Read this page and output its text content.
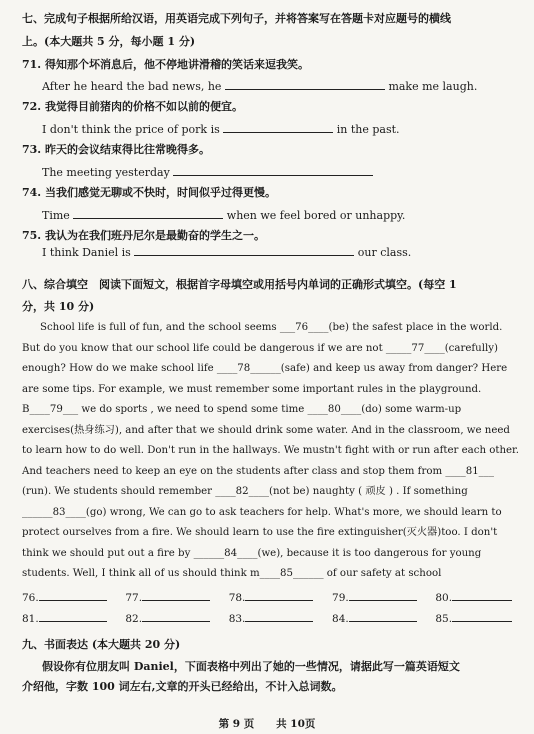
七、完成句子根据所给汉语，用英语完成下列句子，并将答案写在答题卡对应题号的横线
上。(本大题共 5 分，每小题 1 分)
71. 得知那个坏消息后，他不停地讲滑稽的笑话来逗我笑。
After he heard the bad news, he	make me laugh.
72. 我觉得目前猪肉的价格不如以前的便宜。
I don't think the price of pork is	in the past.
73. 昨天的会议结束得比往常晚得多。
The meeting yesterday
74. 当我们感觉无聊或不快时，时间似乎过得更慢。
Time	when we feel bored or unhappy.
75. 我认为在我们班丹尼尔是最勤奋的学生之一。
I think Daniel is	our class.
八、综合填空　阅读下面短文，根据首字母填空或用括号内单词的正确形式填空。(每空 1
分，共 10 分)
School life is full of fun, and the school seems ___76____(be) the safest place in the world.
But do you know that our school life could be dangerous if we are not _____77____(carefully)
enough? How do we make school life ____78______(safe) and keep us away from danger? Here
are some tips. For example, we must remember some important rules in the playground.
B____79___ we do sports , we need to spend some time ____80____(do) some warm-up
exercises(热身练习), and after that we should drink some water. And in the classroom, we need
to learn how to do well. Don't run in the hallways. We mustn't fight with or run after each other.
And teachers need to keep an eye on the students after class and stop them from ____81___
(run). We students should remember ____82____(not be) naughty ( 顽皮 ) . If something
______83____(go) wrong, We can go to ask teachers for help. What's more, we should learn to
protect ourselves from a fire. We should learn to use the fire extinguisher(灭火器)too. I don't
think we should put out a fire by ______84____(we), because it is too dangerous for young
students. Well, I think all of us should think m____85______ of our safety at school
76.	77.	78.	79.	80.
81.	82.	83.	84.	85.
九、书面表达 (本大题共 20 分)
假设你有位朋友叫 Daniel，下面表格中列出了她的一些情况，请据此写一篇英语短文
介绍他，字数 100 词左右,文章的开头已经给出，不计入总词数。
第 9 页 共 10页
